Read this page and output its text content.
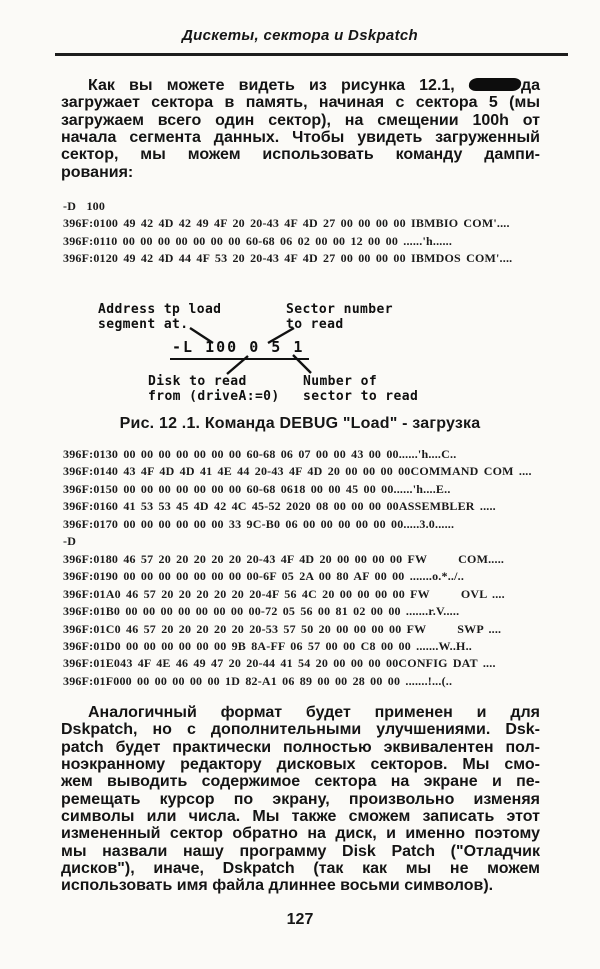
Дискеты, сектора и Dskpatch
Как вы можете видеть из рисунка 12.1,	да
загружает сектора в память, начиная с сектора 5 (мы
загружаем всего один сектор), на смещении 100h от
начала сегмента данных. Чтобы увидеть загруженный
сектор, мы можем использовать команду дампи-
рования:
-D  100
396F:0100 49 42 4D 42 49 4F 20 20-43 4F 4D 27 00 00 00 00 IBMBIO COM'....
396F:0110 00 00 00 00 00 00 00 60-68 06 02 00 00 12 00 00 ......'h......
396F:0120 49 42 4D 44 4F 53 20 20-43 4F 4D 27 00 00 00 00 IBMDOS COM'....
Address tp load
segment at.
Sector number
to read
-L 100 0 5 1
Disk to read
from (driveA:=0)
Number of
sector to read
Рис. 12 .1. Команда DEBUG "Load" - загрузка
396F:0130 00 00 00 00 00 00 00 60-68 06 07 00 00 43 00 00......'h....C..
396F:0140 43 4F 4D 4D 41 4E 44 20-43 4F 4D 20 00 00 00 00COMMAND COM ....
396F:0150 00 00 00 00 00 00 00 60-68 0618 00 00 45 00 00......'h....E..
396F:0160 41 53 53 45 4D 42 4C 45-52 2020 08 00 00 00 00ASSEMBLER .....
396F:0170 00 00 00 00 00 00 33 9C-B0 06 00 00 00 00 00 00.....3.0......
-D
396F:0180 46 57 20 20 20 20 20 20-43 4F 4D 20 00 00 00 00 FW      COM.....
396F:0190 00 00 00 00 00 00 00 00-6F 05 2A 00 80 AF 00 00 .......o.*../..
396F:01A0 46 57 20 20 20 20 20 20-4F 56 4C 20 00 00 00 00 FW      OVL ....
396F:01B0 00 00 00 00 00 00 00 00-72 05 56 00 81 02 00 00 .......r.V.....
396F:01C0 46 57 20 20 20 20 20 20-53 57 50 20 00 00 00 00 FW      SWP ....
396F:01D0 00 00 00 00 00 00 9B 8A-FF 06 57 00 00 C8 00 00 .......W..H..
396F:01E043 4F 4E 46 49 47 20 20-44 41 54 20 00 00 00 00CONFIG DAT ....
396F:01F000 00 00 00 00 00 1D 82-A1 06 89 00 00 28 00 00 .......!...(..
Аналогичный формат будет применен и для
Dskpatch, но с дополнительными улучшениями. Dsk-
patch будет практически полностью эквивалентен пол-
ноэкранному редактору дисковых секторов. Мы смо-
жем выводить содержимое сектора на экране и пе-
ремещать курсор по экрану, произвольно изменяя
символы или числа. Мы также сможем записать этот
измененный сектор обратно на диск, и именно поэтому
мы назвали нашу программу Disk Patch ("Отладчик
дисков"), иначе, Dskpatch (так как мы не можем
использовать имя файла длиннее восьми символов).
127
